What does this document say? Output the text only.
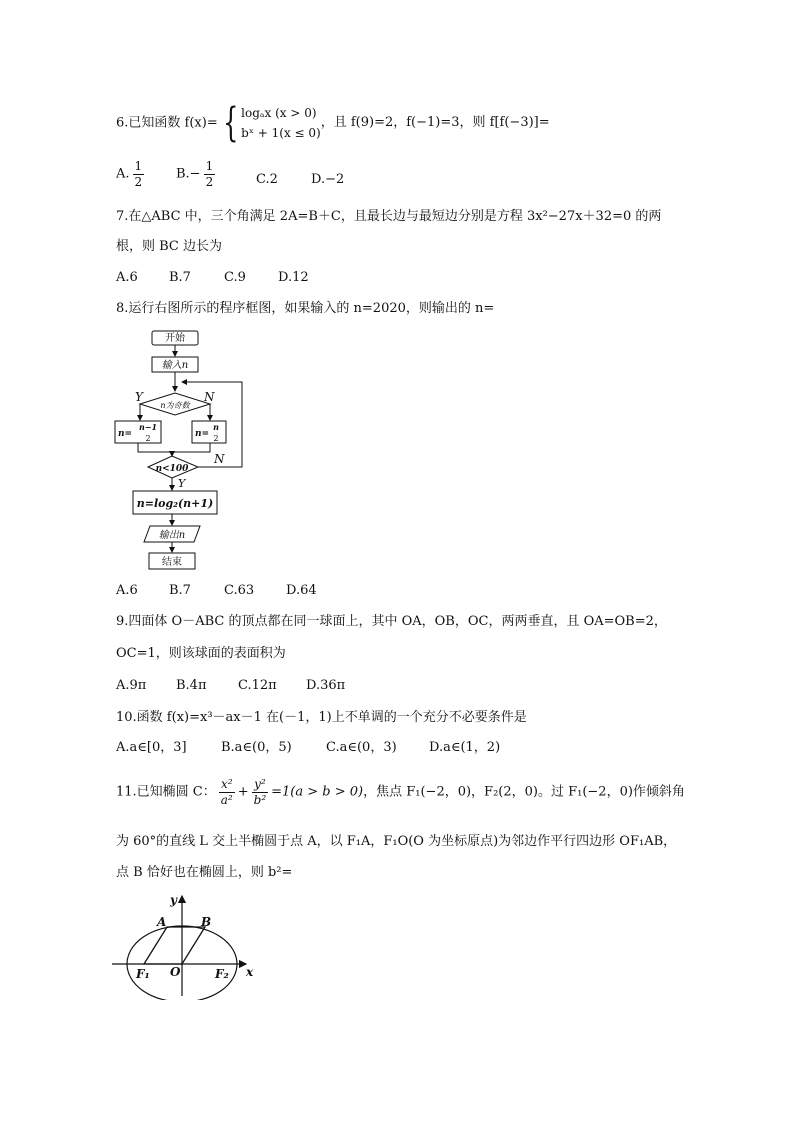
6.已知函数 f(x)= { logₐx (x > 0)
bˣ + 1(x ≤ 0)
，且 f(9)=2，f(−1)=3，则 f[f(−3)]=
A. $\frac{1}{2} B.- \frac{1}{2}$	C.2	D.−2
7.在△ABC 中，三个角满足 2A=B＋C，且最长边与最短边分别是方程 3x²−27x＋32=0 的两
根，则 BC 边长为
A.6 B.7	C.9 D.12
8.运行右图所示的程序框图，如果输入的 n=2020，则输出的 n=
开始
输入n
n为奇数
Y	N
n=
n−1
2	n=
n
2
n<100
N
Y
n=log₂(n+1)
输出n
结束
A.6 B.7	C.63 D.64
9.四面体 O－ABC 的顶点都在同一球面上，其中 OA，OB，OC，两两垂直，且 OA=OB=2，
OC=1，则该球面的表面积为
A.9π B.4π C.12π D.36π
10.函数 f(x)=x³－ax－1 在(－1，1)上不单调的一个充分不必要条件是
A.a∈[0，3]	B.a∈(0，5)	C.a∈(0，3) D.a∈(1，2)
11.已知椭圆 C： $\frac{\text{x²}}{\text{a²}} + \frac{\text{y²}}{\text{b²}} =1(a > b > 0)$，焦点 F₁(−2，0)，F₂(2，0)。过 F₁(−2，0)作倾斜角
为 60°的直线 L 交上半椭圆于点 A，以 F₁A，F₁O(O 为坐标原点)为邻边作平行四边形 OF₁AB，
点 B 恰好也在椭圆上，则 b²=
y
x
A	B
O
F₁	F₂
